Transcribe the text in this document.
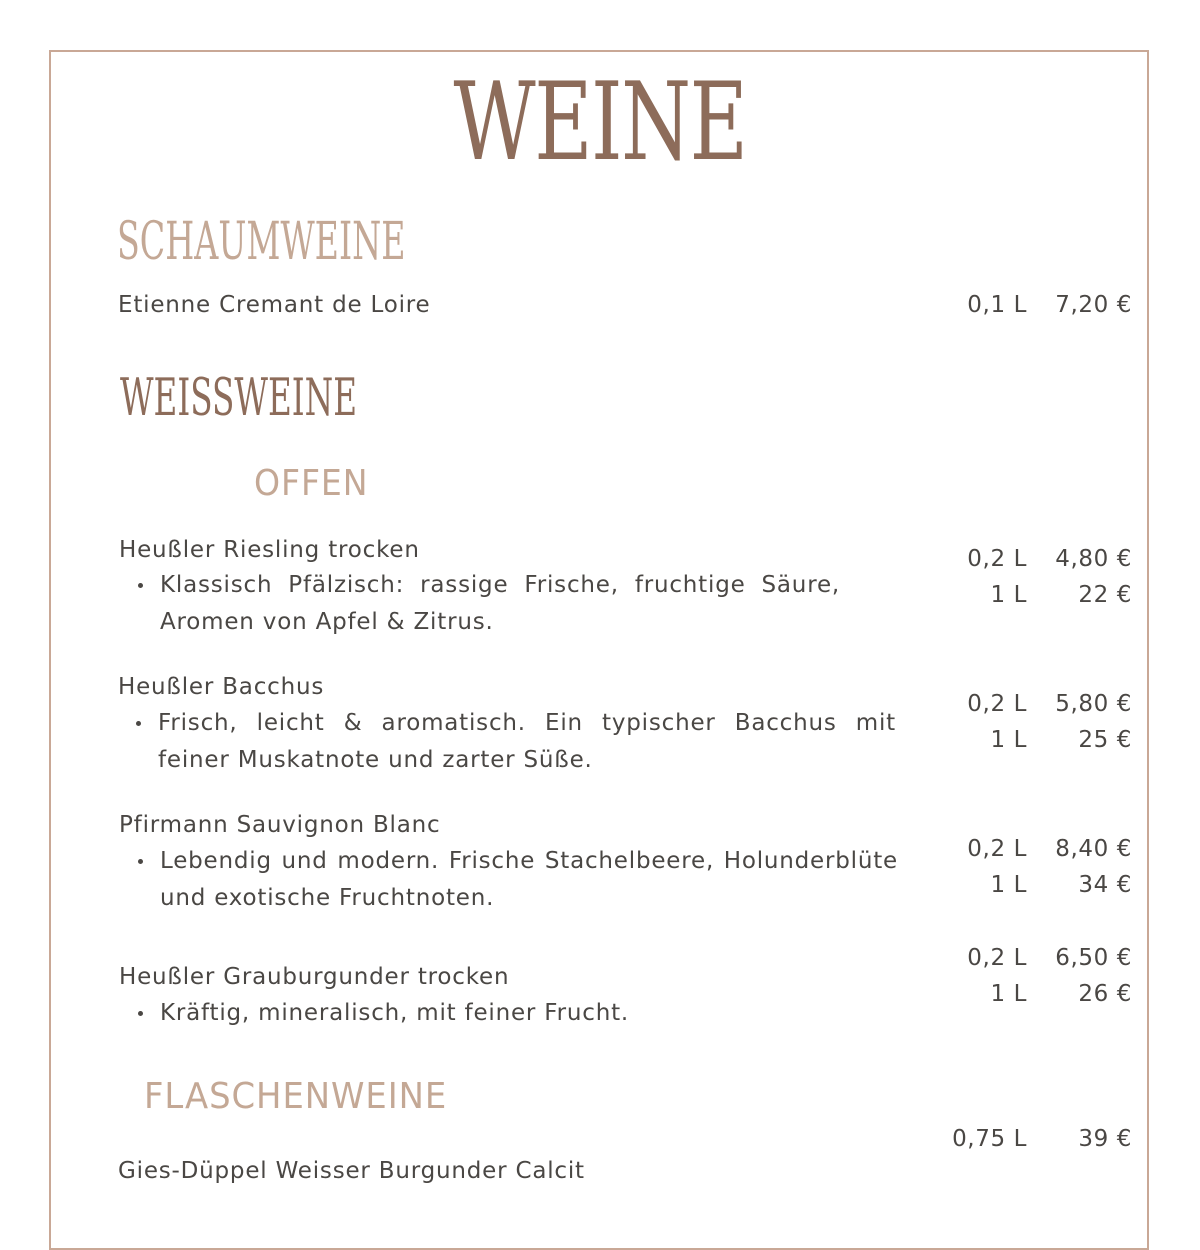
WEINE
SCHAUMWEINE
Etienne Cremant de Loire	0,1 L	7,20 €
WEISSWEINE
OFFEN
Heußler Riesling trocken
Klassisch Pfälzisch: rassige Frische, fruchtige Säure, Aromen von Apfel & Zitrus.
0,2 L	4,80 €
1 L	22 €
Heußler Bacchus
Frisch, leicht & aromatisch. Ein typischer Bacchus mit feiner Muskatnote und zarter Süße.
0,2 L	5,80 €
1 L	25 €
Pfirmann Sauvignon Blanc
Lebendig und modern. Frische Stachelbeere, Holunderblüte und exotische Fruchtnoten.
0,2 L	8,40 €
1 L	34 €
Heußler Grauburgunder trocken
Kräftig, mineralisch, mit feiner Frucht.
0,2 L	6,50 €
1 L	26 €
FLASCHENWEINE
0,75 L	39 €
Gies-Düppel Weisser Burgunder Calcit
